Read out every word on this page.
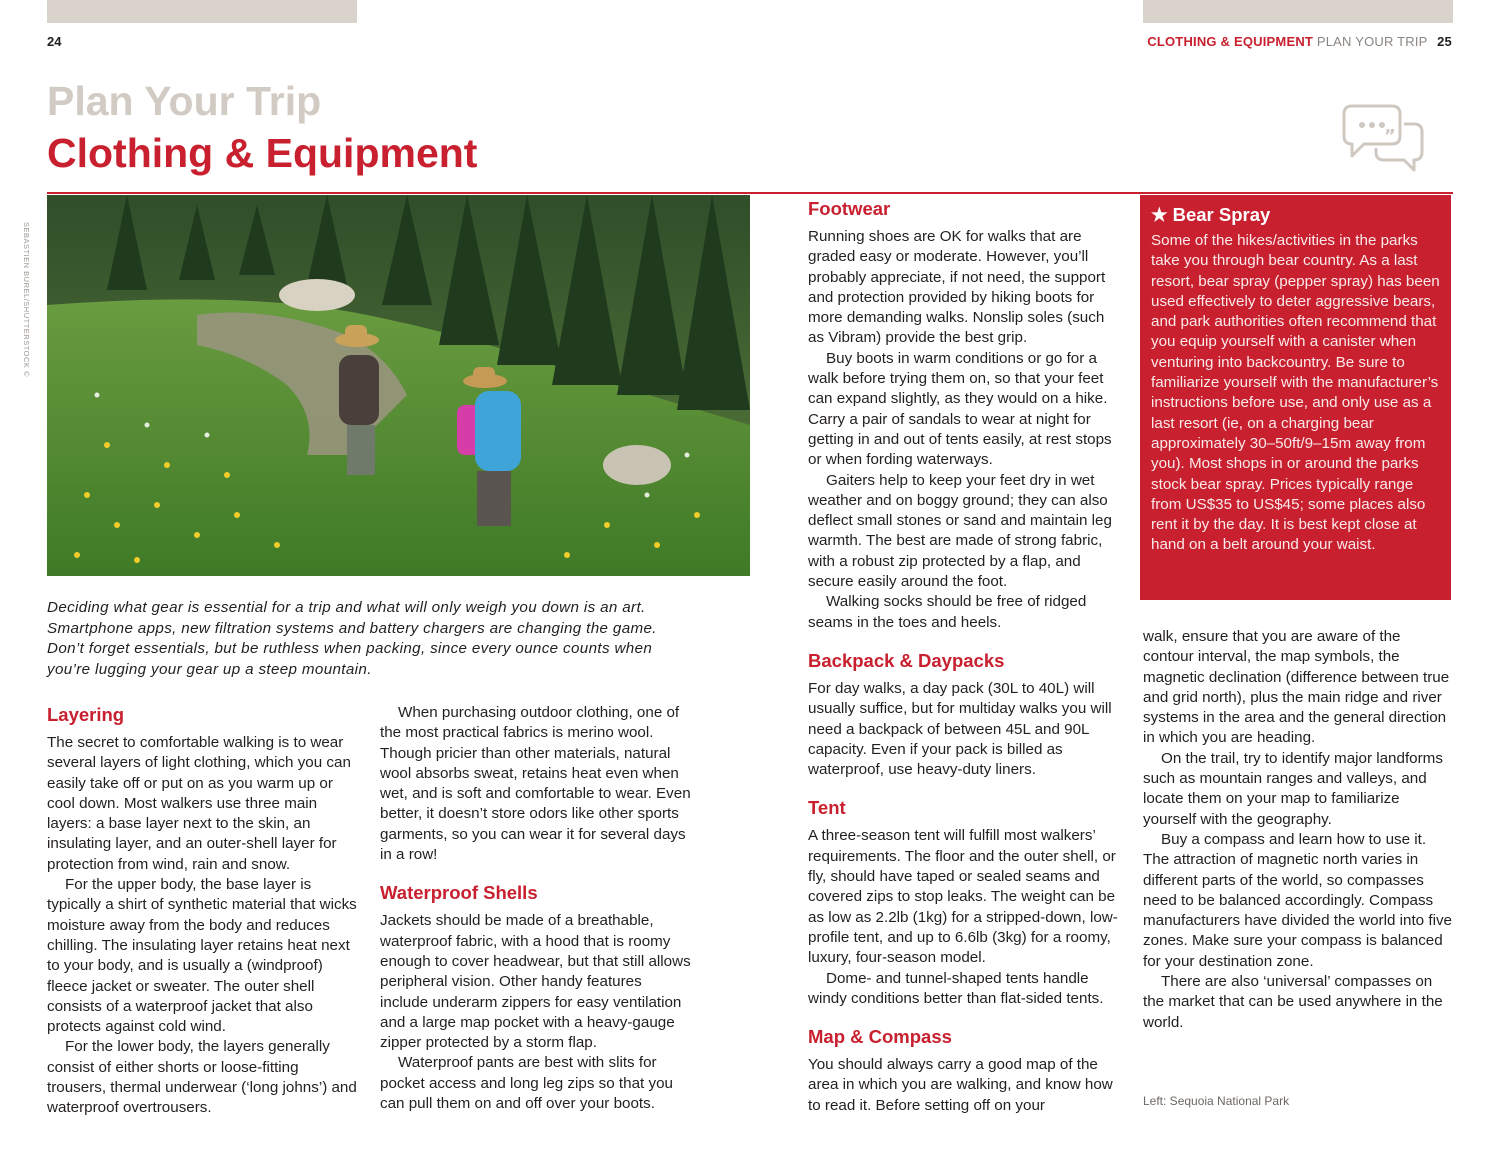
24	CLOTHING & EQUIPMENT PLAN YOUR TRIP 25
Plan Your Trip
Clothing & Equipment	”
SEBASTIEN BUREL/SHUTTERSTOCK ©

Deciding what gear is essential for a trip and what will only weigh you down is an art. Smartphone apps, new filtration systems and battery chargers are changing the game. Don’t forget essentials, but be ruthless when packing, since every ounce counts when you’re lugging your gear up a steep mountain.

Layering

The secret to comfortable walking is to wear several layers of light clothing, which you can easily take off or put on as you warm up or cool down. Most walkers use three main layers: a base layer next to the skin, an insulating layer, and an outer-shell layer for protection from wind, rain and snow.

For the upper body, the base layer is typically a shirt of synthetic material that wicks moisture away from the body and reduces chilling. The insulating layer retains heat next to your body, and is usually a (windproof) fleece jacket or sweater. The outer shell consists of a waterproof jacket that also protects against cold wind.

For the lower body, the layers generally consist of either shorts or loose-fitting trousers, thermal underwear (‘long johns’) and waterproof overtrousers.

When purchasing outdoor clothing, one of the most practical fabrics is merino wool. Though pricier than other materials, natural wool absorbs sweat, retains heat even when wet, and is soft and comfortable to wear. Even better, it doesn’t store odors like other sports garments, so you can wear it for several days in a row!

Waterproof Shells

Jackets should be made of a breathable, waterproof fabric, with a hood that is roomy enough to cover headwear, but that still allows peripheral vision. Other handy features include underarm zippers for easy ventilation and a large map pocket with a heavy-gauge zipper protected by a storm flap.

Waterproof pants are best with slits for pocket access and long leg zips so that you can pull them on and off over your boots.

Footwear

Running shoes are OK for walks that are graded easy or moderate. However, you’ll probably appreciate, if not need, the support and protection provided by hiking boots for more demanding walks. Nonslip soles (such as Vibram) provide the best grip.

Buy boots in warm conditions or go for a walk before trying them on, so that your feet can expand slightly, as they would on a hike. Carry a pair of sandals to wear at night for getting in and out of tents easily, at rest stops or when fording waterways.

Gaiters help to keep your feet dry in wet weather and on boggy ground; they can also deflect small stones or sand and maintain leg warmth. The best are made of strong fabric, with a robust zip protected by a flap, and secure easily around the foot.

Walking socks should be free of ridged seams in the toes and heels.

Backpack & Daypacks

For day walks, a day pack (30L to 40L) will usually suffice, but for multiday walks you will need a backpack of between 45L and 90L capacity. Even if your pack is billed as waterproof, use heavy-duty liners.

Tent

A three-season tent will fulfill most walkers’ requirements. The floor and the outer shell, or fly, should have taped or sealed seams and covered zips to stop leaks. The weight can be as low as 2.2lb (1kg) for a stripped-down, low-profile tent, and up to 6.6lb (3kg) for a roomy, luxury, four-season model.

Dome- and tunnel-shaped tents handle windy conditions better than flat-sided tents.

Map & Compass

You should always carry a good map of the area in which you are walking, and know how to read it. Before setting off on your

★ Bear Spray

Some of the hikes/activities in the parks take you through bear country. As a last resort, bear spray (pepper spray) has been used effectively to deter aggressive bears, and park authorities often recommend that you equip yourself with a canister when venturing into backcountry. Be sure to familiarize yourself with the manufacturer’s instructions before use, and only use as a last resort (ie, on a charging bear approximately 30–50ft/9–15m away from you). Most shops in or around the parks stock bear spray. Prices typically range from US$35 to US$45; some places also rent it by the day. It is best kept close at hand on a belt around your waist.

walk, ensure that you are aware of the contour interval, the map symbols, the magnetic declination (difference between true and grid north), plus the main ridge and river systems in the area and the general direction in which you are heading.

On the trail, try to identify major landforms such as mountain ranges and valleys, and locate them on your map to familiarize yourself with the geography.

Buy a compass and learn how to use it. The attraction of magnetic north varies in different parts of the world, so compasses need to be balanced accordingly. Compass manufacturers have divided the world into five zones. Make sure your compass is balanced for your destination zone.

There are also ‘universal’ compasses on the market that can be used anywhere in the world.

Left: Sequoia National Park
